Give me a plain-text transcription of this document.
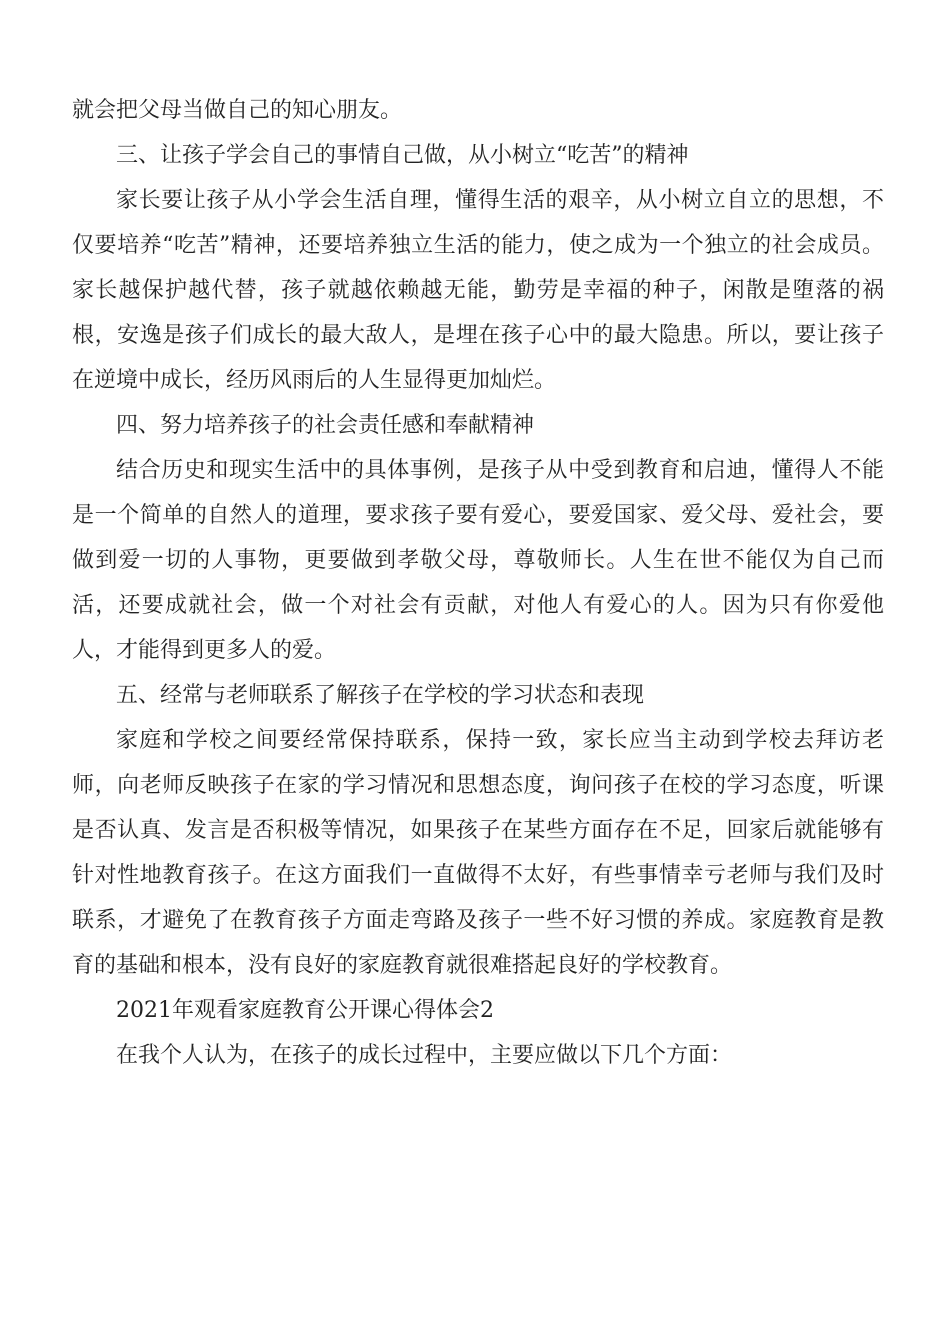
就会把父母当做自己的知心朋友。

三、让孩子学会自己的事情自己做，从小树立“吃苦”的精神

家长要让孩子从小学会生活自理，懂得生活的艰辛，从小树立自立的思想，不仅要培养“吃苦”精神，还要培养独立生活的能力，使之成为一个独立的社会成员。家长越保护越代替，孩子就越依赖越无能，勤劳是幸福的种子，闲散是堕落的祸根，安逸是孩子们成长的最大敌人，是埋在孩子心中的最大隐患。所以，要让孩子在逆境中成长，经历风雨后的人生显得更加灿烂。

四、努力培养孩子的社会责任感和奉献精神

结合历史和现实生活中的具体事例，是孩子从中受到教育和启迪，懂得人不能是一个简单的自然人的道理，要求孩子要有爱心，要爱国家、爱父母、爱社会，要做到爱一切的人事物，更要做到孝敬父母，尊敬师长。人生在世不能仅为自己而活，还要成就社会，做一个对社会有贡献，对他人有爱心的人。因为只有你爱他人，才能得到更多人的爱。

五、经常与老师联系了解孩子在学校的学习状态和表现

家庭和学校之间要经常保持联系，保持一致，家长应当主动到学校去拜访老师，向老师反映孩子在家的学习情况和思想态度，询问孩子在校的学习态度，听课是否认真、发言是否积极等情况，如果孩子在某些方面存在不足，回家后就能够有针对性地教育孩子。在这方面我们一直做得不太好，有些事情幸亏老师与我们及时联系，才避免了在教育孩子方面走弯路及孩子一些不好习惯的养成。家庭教育是教育的基础和根本，没有良好的家庭教育就很难搭起良好的学校教育。

2021年观看家庭教育公开课心得体会2

在我个人认为，在孩子的成长过程中，主要应做以下几个方面：
